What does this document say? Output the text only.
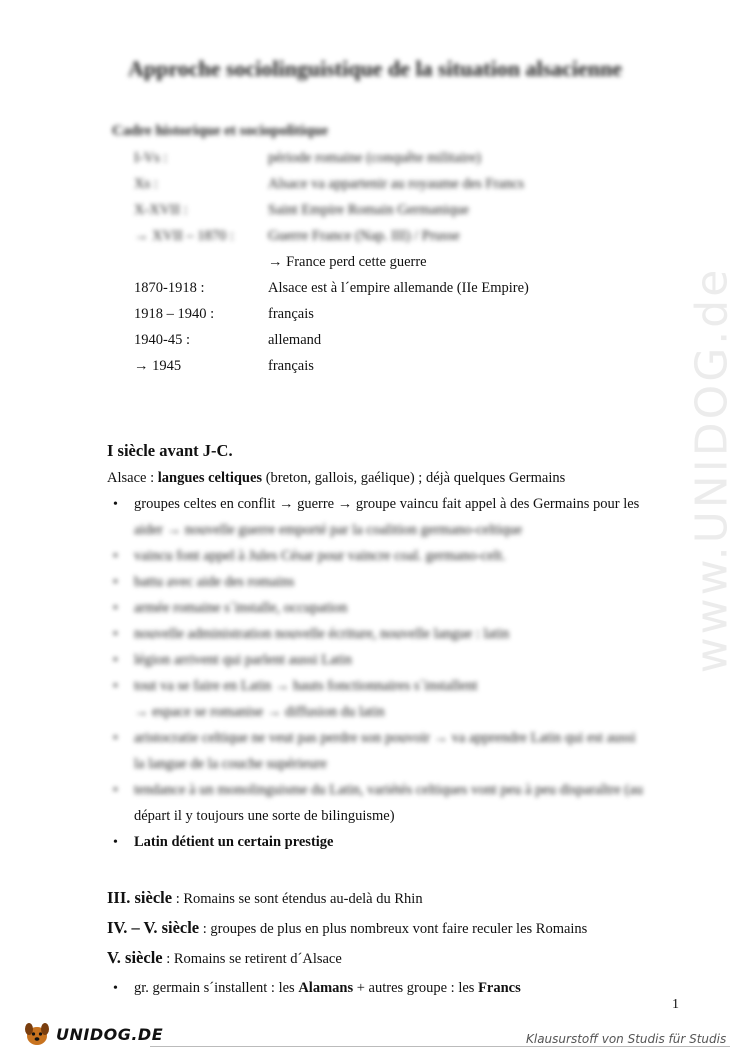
Approche sociolinguistique de la situation alsacienne
Cadre historique et sociopolitique
I-Vs :	période romaine (conquête militaire)
Xs :	Alsace va appartenir au royaume des Francs
X-XVII :	Saint Empire Romain Germanique
→ XVII – 1870 : Guerre France (Nap. III) / Prusse
→ France perd cette guerre
1870-1918 :	Alsace est à l´empire allemande (IIe Empire)
1918 – 1940 :	français
1940-45 :	allemand
→ 1945	français
I siècle avant J-C.
Alsace : langues celtiques (breton, gallois, gaélique) ; déjà quelques Germains
• groupes celtes en conflit → guerre → groupe vaincu fait appel à des Germains pour les
aider → nouvelle guerre emporté par la coalition germano-celtique
• vaincu font appel à Jules César pour vaincre coal. germano-celt.
• battu avec aide des romains
• armée romaine s´installe, occupation
• nouvelle administration nouvelle écriture, nouvelle langue : latin
• légion arrivent qui parlent aussi Latin
• tout va se faire en Latin → hauts fonctionnaires s´installent
→ espace se romanise → diffusion du latin
• aristocratie celtique ne veut pas perdre son pouvoir → va apprendre Latin qui est aussi
la langue de la couche supérieure
• tendance à un monolinguisme du Latin, variétés celtiques vont peu à peu disparaître (au
départ il y toujours une sorte de bilinguisme)
• Latin détient un certain prestige
III. siècle : Romains se sont étendus au-delà du Rhin
IV. – V. siècle : groupes de plus en plus nombreux vont faire reculer les Romains
V. siècle : Romains se retirent d´Alsace
• gr. germain s´installent : les Alamans + autres groupe : les Francs
www.UNIDOG.de
1
UNIDOG.DE	Klausurstoff von Studis für Studis
